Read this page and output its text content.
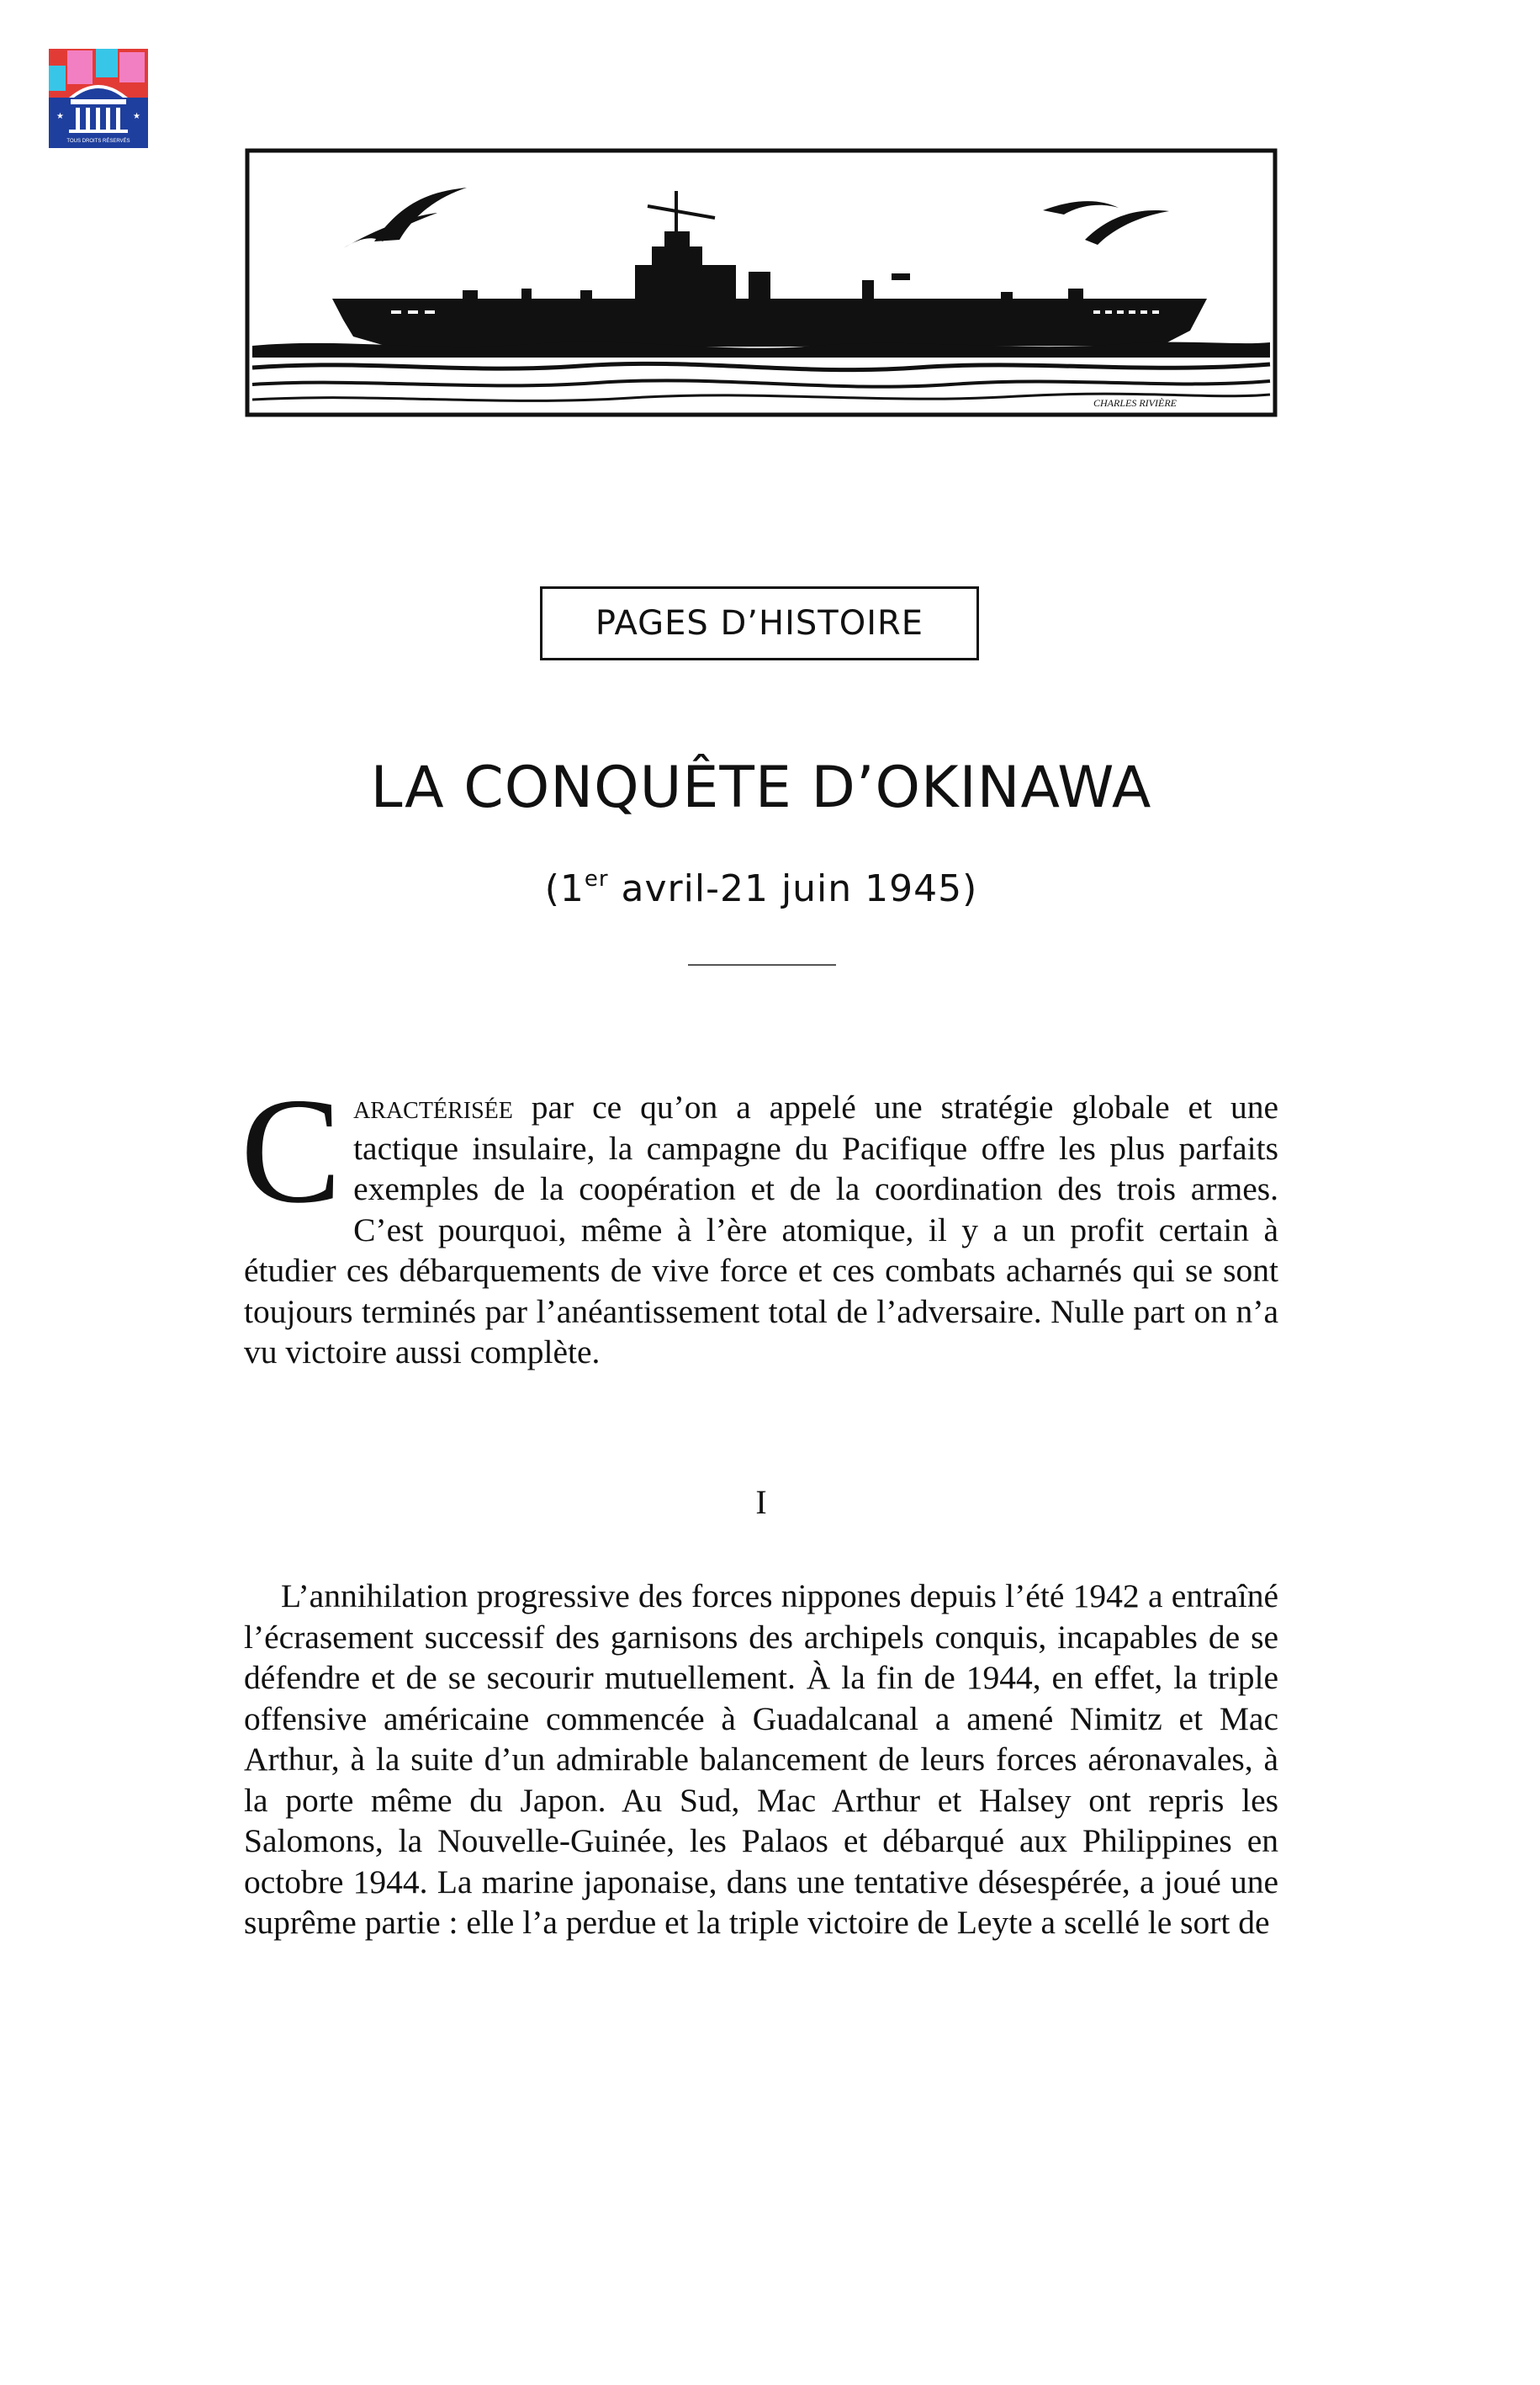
★	★
TOUS DROITS RÉSERVÉS
CHARLES RIVIÈRE
PAGES D’HISTOIRE
LA CONQUÊTE D’OKINAWA
(1er avril-21 juin 1945)

Caractérisée par ce qu’on a appelé une stratégie globale et une tactique insulaire, la campagne du Pacifique offre les plus parfaits exemples de la coopération et de la coordination des trois armes. C’est pourquoi, même à l’ère atomique, il y a un profit certain à étudier ces débarquements de vive force et ces combats acharnés qui se sont toujours terminés par l’anéantissement total de l’adversaire. Nulle part on n’a vu victoire aussi complète.

I

L’annihilation progressive des forces nippones depuis l’été 1942 a entraîné l’écrasement successif des garnisons des archipels conquis, incapables de se défendre et de se secourir mutuellement. À la fin de 1944, en effet, la triple offensive américaine commencée à Guadalcanal a amené Nimitz et Mac Arthur, à la suite d’un admirable balancement de leurs forces aéronavales, à la porte même du Japon. Au Sud, Mac Arthur et Halsey ont repris les Salomons, la Nouvelle-Guinée, les Palaos et débarqué aux Philippines en octobre 1944. La marine japonaise, dans une tentative désespérée, a joué une suprême partie : elle l’a perdue et la triple victoire de Leyte a scellé le sort de
